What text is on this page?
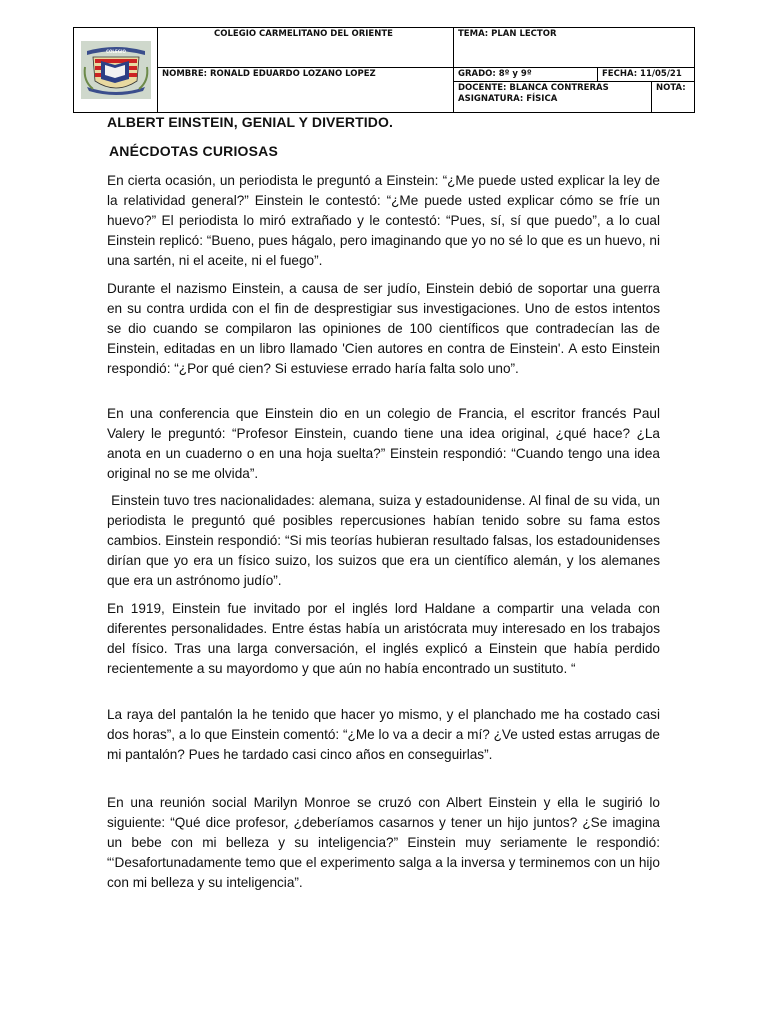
COLEGIO
COLEGIO CARMELITANO DEL ORIENTE	TEMA: PLAN LECTOR
NOMBRE: RONALD EDUARDO LOZANO LOPEZ	GRADO: 8º y 9º	FECHA: 11/05/21
DOCENTE: BLANCA CONTRERAS
ASIGNATURA: FÍSICA
NOTA:
ALBERT EINSTEIN, GENIAL Y DIVERTIDO.
ANÉCDOTAS CURIOSAS

En cierta ocasión, un periodista le preguntó a Einstein: “¿Me puede usted explicar la ley de la relatividad general?” Einstein le contestó: “¿Me puede usted explicar cómo se fríe un huevo?” El periodista lo miró extrañado y le contestó: “Pues, sí, sí que puedo”, a lo cual Einstein replicó: “Bueno, pues hágalo, pero imaginando que yo no sé lo que es un huevo, ni una sartén, ni el aceite, ni el fuego”.

Durante el nazismo Einstein, a causa de ser judío, Einstein debió de soportar una guerra en su contra urdida con el fin de desprestigiar sus investigaciones. Uno de estos intentos se dio cuando se compilaron las opiniones de 100 científicos que contradecían las de Einstein, editadas en un libro llamado 'Cien autores en contra de Einstein'. A esto Einstein respondió: “¿Por qué cien? Si estuviese errado haría falta solo uno”.

En una conferencia que Einstein dio en un colegio de Francia, el escritor francés Paul Valery le preguntó: “Profesor Einstein, cuando tiene una idea original, ¿qué hace? ¿La anota en un cuaderno o en una hoja suelta?” Einstein respondió: “Cuando tengo una idea original no se me olvida”.

Einstein tuvo tres nacionalidades: alemana, suiza y estadounidense. Al final de su vida, un periodista le preguntó qué posibles repercusiones habían tenido sobre su fama estos cambios. Einstein respondió: “Si mis teorías hubieran resultado falsas, los estadounidenses dirían que yo era un físico suizo, los suizos que era un científico alemán, y los alemanes que era un astrónomo judío”.

En 1919, Einstein fue invitado por el inglés lord Haldane a compartir una velada con diferentes personalidades. Entre éstas había un aristócrata muy interesado en los trabajos del físico. Tras una larga conversación, el inglés explicó a Einstein que había perdido recientemente a su mayordomo y que aún no había encontrado un sustituto. “

La raya del pantalón la he tenido que hacer yo mismo, y el planchado me ha costado casi dos horas”, a lo que Einstein comentó: “¿Me lo va a decir a mí? ¿Ve usted estas arrugas de mi pantalón? Pues he tardado casi cinco años en conseguirlas”.

En una reunión social Marilyn Monroe se cruzó con Albert Einstein y ella le sugirió lo siguiente: “Qué dice profesor, ¿deberíamos casarnos y tener un hijo juntos? ¿Se imagina un bebe con mi belleza y su inteligencia?” Einstein muy seriamente le respondió: “‘Desafortunadamente temo que el experimento salga a la inversa y terminemos con un hijo con mi belleza y su inteligencia”.
